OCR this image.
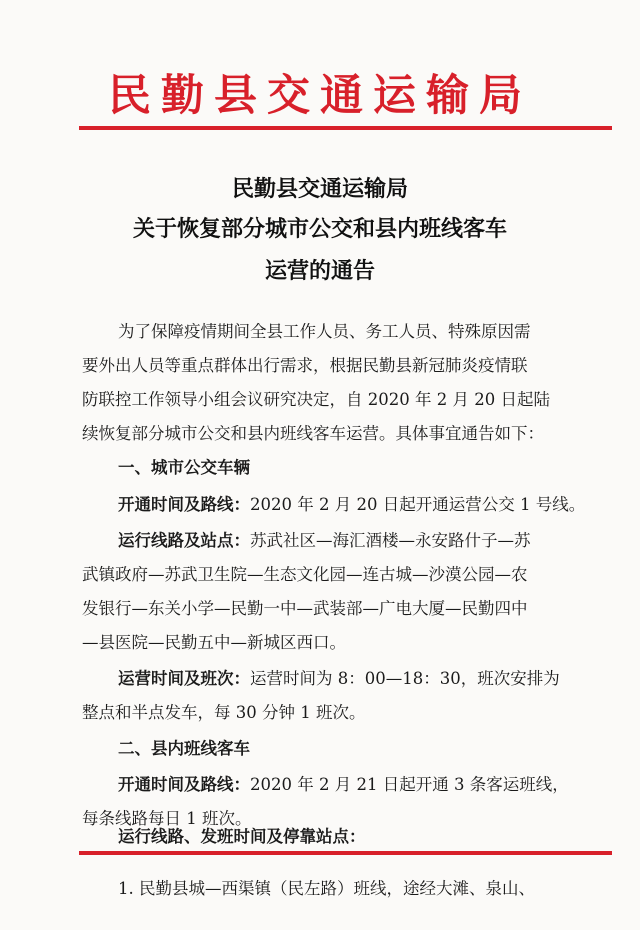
民勤县交通运输局
民勤县交通运输局
关于恢复部分城市公交和县内班线客车
运营的通告
为了保障疫情期间全县工作人员、务工人员、特殊原因需
要外出人员等重点群体出行需求，根据民勤县新冠肺炎疫情联
防联控工作领导小组会议研究决定，自 2020 年 2 月 20 日起陆
续恢复部分城市公交和县内班线客车运营。具体事宜通告如下：
一、城市公交车辆
开通时间及路线：2020 年 2 月 20 日起开通运营公交 1 号线。
运行线路及站点：苏武社区—海汇酒楼—永安路什子—苏
武镇政府—苏武卫生院—生态文化园—连古城—沙漠公园—农
发银行—东关小学—民勤一中—武装部—广电大厦—民勤四中
—县医院—民勤五中—新城区西口。
运营时间及班次：运营时间为 8：00—18：30，班次安排为
整点和半点发车，每 30 分钟 1 班次。
二、县内班线客车
开通时间及路线：2020 年 2 月 21 日起开通 3 条客运班线，
每条线路每日 1 班次。
运行线路、发班时间及停靠站点：
1. 民勤县城—西渠镇（民左路）班线，途经大滩、泉山、
